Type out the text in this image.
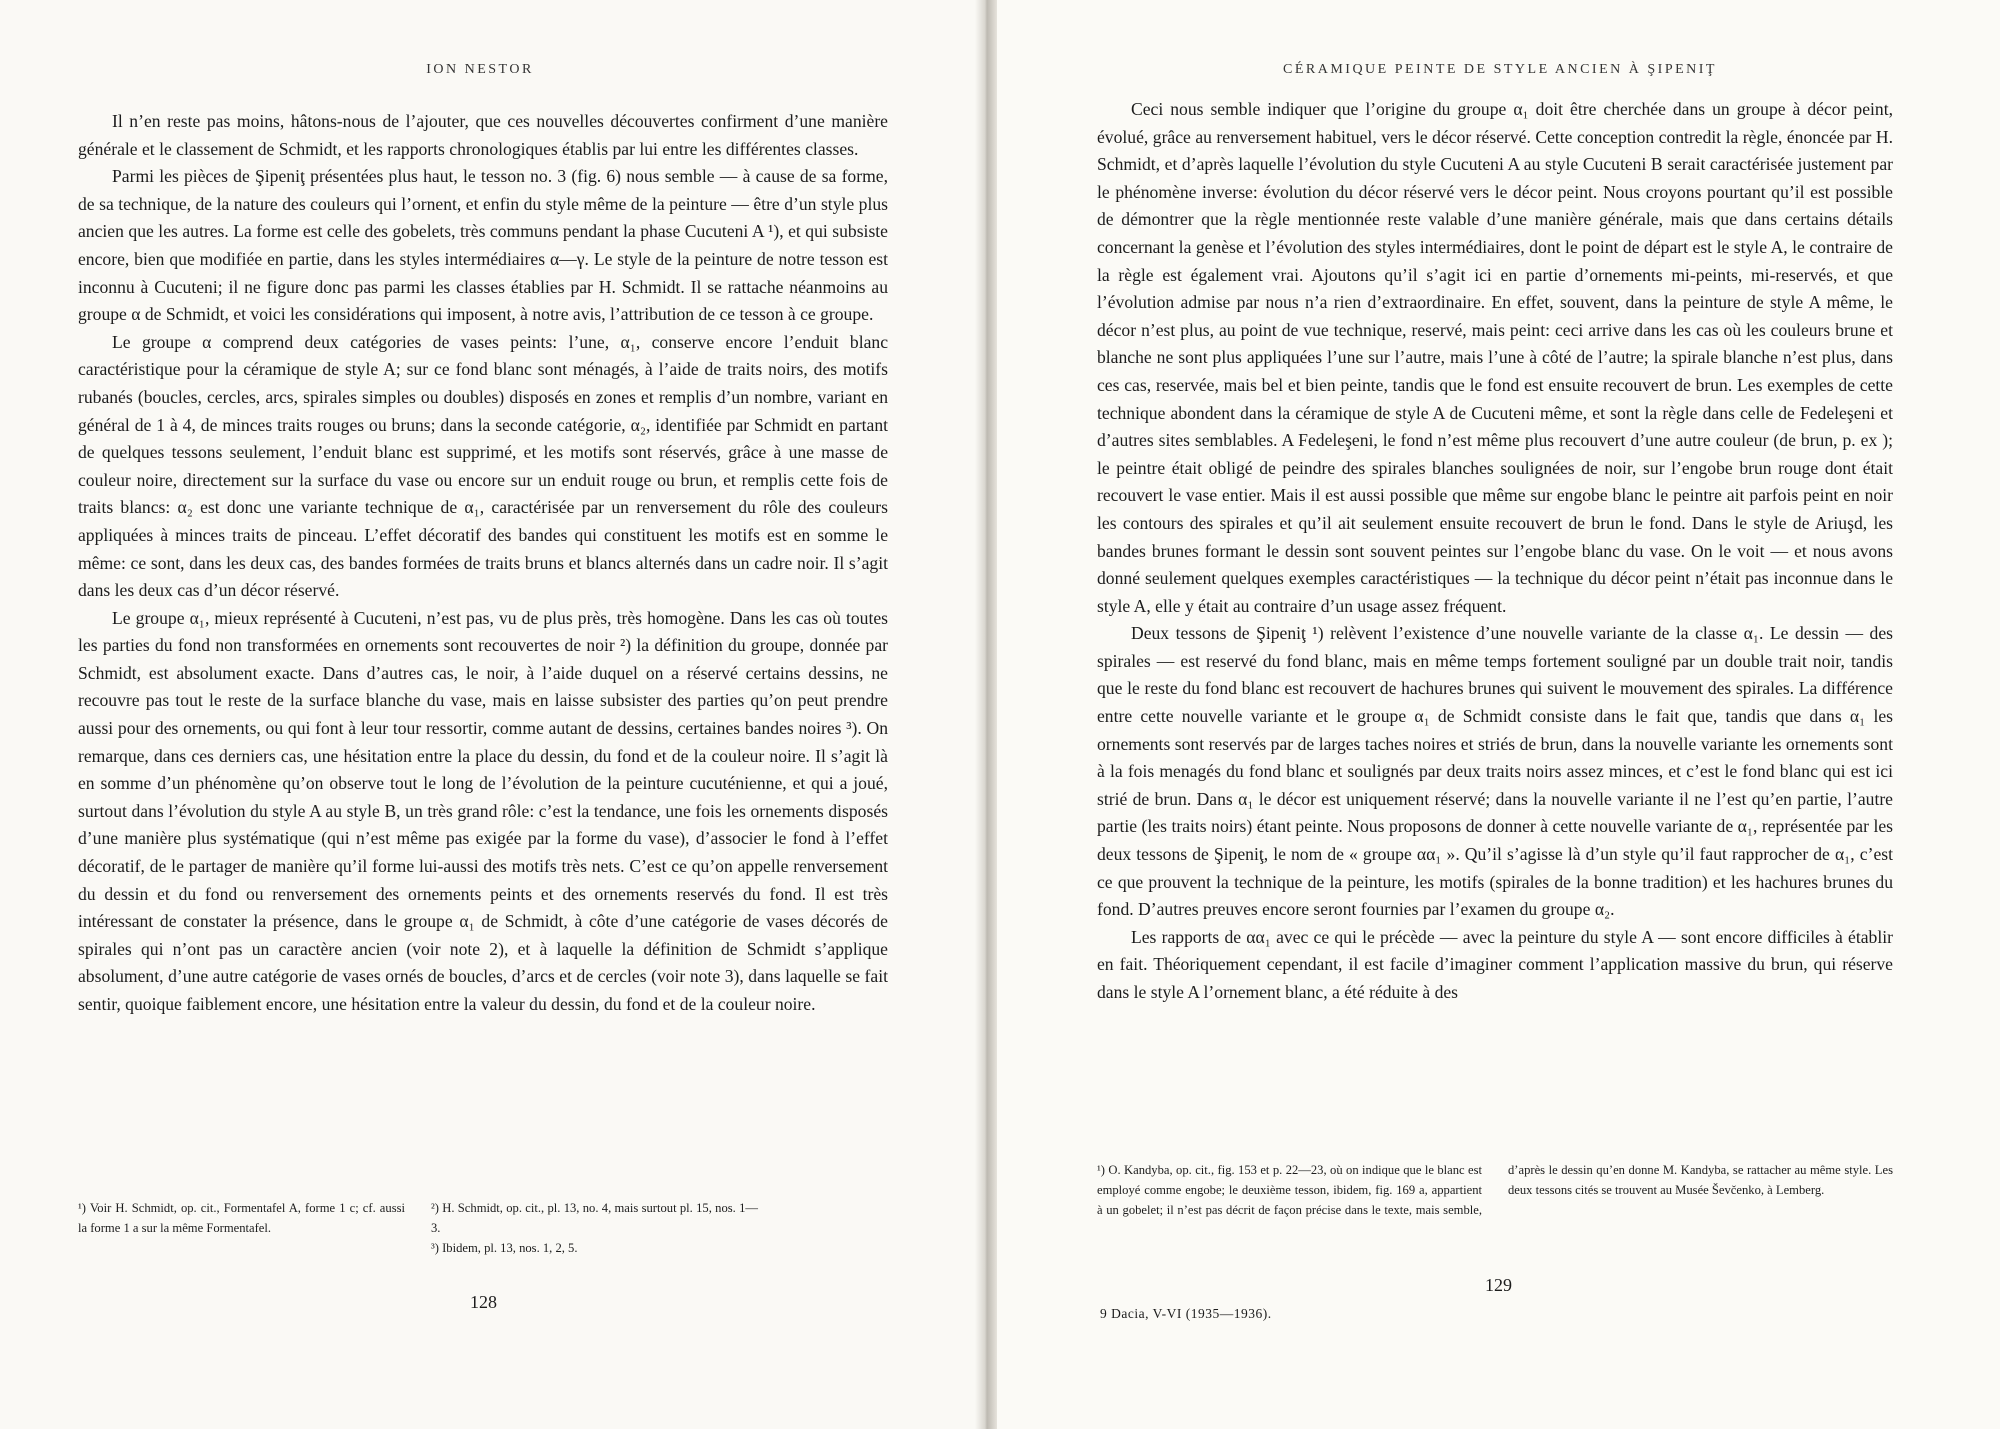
ION NESTOR

Il n’en reste pas moins, hâtons-nous de l’ajouter, que ces nouvelles découvertes confirment d’une manière générale et le classement de Schmidt, et les rapports chronologiques établis par lui entre les différentes classes.

Parmi les pièces de Şipeniţ présentées plus haut, le tesson no. 3 (fig. 6) nous semble — à cause de sa forme, de sa technique, de la nature des couleurs qui l’ornent, et enfin du style même de la peinture — être d’un style plus ancien que les autres. La forme est celle des gobelets, très communs pendant la phase Cucuteni A ¹), et qui subsiste encore, bien que modifiée en partie, dans les styles intermédiaires α—γ. Le style de la peinture de notre tesson est inconnu à Cucuteni; il ne figure donc pas parmi les classes établies par H. Schmidt. Il se rattache néanmoins au groupe α de Schmidt, et voici les considérations qui imposent, à notre avis, l’attribution de ce tesson à ce groupe.

Le groupe α comprend deux catégories de vases peints: l’une, α₁, conserve encore l’enduit blanc caractéristique pour la céramique de style A; sur ce fond blanc sont ménagés, à l’aide de traits noirs, des motifs rubanés (boucles, cercles, arcs, spirales simples ou doubles) disposés en zones et remplis d’un nombre, variant en général de 1 à 4, de minces traits rouges ou bruns; dans la seconde catégorie, α₂, identifiée par Schmidt en partant de quelques tessons seulement, l’enduit blanc est supprimé, et les motifs sont réservés, grâce à une masse de couleur noire, directement sur la surface du vase ou encore sur un enduit rouge ou brun, et remplis cette fois de traits blancs: α₂ est donc une variante technique de α₁, caractérisée par un renversement du rôle des couleurs appliquées à minces traits de pinceau. L’effet décoratif des bandes qui constituent les motifs est en somme le même: ce sont, dans les deux cas, des bandes formées de traits bruns et blancs alternés dans un cadre noir. Il s’agit dans les deux cas d’un décor réservé.

Le groupe α₁, mieux représenté à Cucuteni, n’est pas, vu de plus près, très homogène. Dans les cas où toutes les parties du fond non transformées en ornements sont recouvertes de noir ²) la définition du groupe, donnée par Schmidt, est absolument exacte. Dans d’autres cas, le noir, à l’aide duquel on a réservé certains dessins, ne recouvre pas tout le reste de la surface blanche du vase, mais en laisse subsister des parties qu’on peut prendre aussi pour des ornements, ou qui font à leur tour ressortir, comme autant de dessins, certaines bandes noires ³). On remarque, dans ces derniers cas, une hésitation entre la place du dessin, du fond et de la couleur noire. Il s’agit là en somme d’un phénomène qu’on observe tout le long de l’évolution de la peinture cucuténienne, et qui a joué, surtout dans l’évolution du style A au style B, un très grand rôle: c’est la tendance, une fois les ornements disposés d’une manière plus systématique (qui n’est même pas exigée par la forme du vase), d’associer le fond à l’effet décoratif, de le partager de manière qu’il forme lui-aussi des motifs très nets. C’est ce qu’on appelle renversement du dessin et du fond ou renversement des ornements peints et des ornements reservés du fond. Il est très intéressant de constater la présence, dans le groupe α₁ de Schmidt, à côte d’une catégorie de vases décorés de spirales qui n’ont pas un caractère ancien (voir note 2), et à laquelle la définition de Schmidt s’applique absolument, d’une autre catégorie de vases ornés de boucles, d’arcs et de cercles (voir note 3), dans laquelle se fait sentir, quoique faiblement encore, une hésitation entre la valeur du dessin, du fond et de la couleur noire.

¹) Voir H. Schmidt, op. cit., Formentafel A, forme 1 c; cf. aussi la forme 1 a sur la même Formentafel.

²) H. Schmidt, op. cit., pl. 13, no. 4, mais surtout pl. 15, nos. 1—3.

³) Ibidem, pl. 13, nos. 1, 2, 5.

128
CÉRAMIQUE PEINTE DE STYLE ANCIEN À ŞIPENIŢ

Ceci nous semble indiquer que l’origine du groupe α₁ doit être cherchée dans un groupe à décor peint, évolué, grâce au renversement habituel, vers le décor réservé. Cette conception contredit la règle, énoncée par H. Schmidt, et d’après laquelle l’évolution du style Cucuteni A au style Cucuteni B serait caractérisée justement par le phénomène inverse: évolution du décor réservé vers le décor peint. Nous croyons pourtant qu’il est possible de démontrer que la règle mentionnée reste valable d’une manière générale, mais que dans certains détails concernant la genèse et l’évolution des styles intermédiaires, dont le point de départ est le style A, le contraire de la règle est également vrai. Ajoutons qu’il s’agit ici en partie d’ornements mi-peints, mi-reservés, et que l’évolution admise par nous n’a rien d’extraordinaire. En effet, souvent, dans la peinture de style A même, le décor n’est plus, au point de vue technique, reservé, mais peint: ceci arrive dans les cas où les couleurs brune et blanche ne sont plus appliquées l’une sur l’autre, mais l’une à côté de l’autre; la spirale blanche n’est plus, dans ces cas, reservée, mais bel et bien peinte, tandis que le fond est ensuite recouvert de brun. Les exemples de cette technique abondent dans la céramique de style A de Cucuteni même, et sont la règle dans celle de Fedeleşeni et d’autres sites semblables. A Fedeleşeni, le fond n’est même plus recouvert d’une autre couleur (de brun, p. ex ); le peintre était obligé de peindre des spirales blanches soulignées de noir, sur l’engobe brun rouge dont était recouvert le vase entier. Mais il est aussi possible que même sur engobe blanc le peintre ait parfois peint en noir les contours des spirales et qu’il ait seulement ensuite recouvert de brun le fond. Dans le style de Ariuşd, les bandes brunes formant le dessin sont souvent peintes sur l’engobe blanc du vase. On le voit — et nous avons donné seulement quelques exemples caractéristiques — la technique du décor peint n’était pas inconnue dans le style A, elle y était au contraire d’un usage assez fréquent.

Deux tessons de Şipeniţ ¹) relèvent l’existence d’une nouvelle variante de la classe α₁. Le dessin — des spirales — est reservé du fond blanc, mais en même temps fortement souligné par un double trait noir, tandis que le reste du fond blanc est recouvert de hachures brunes qui suivent le mouvement des spirales. La différence entre cette nouvelle variante et le groupe α₁ de Schmidt consiste dans le fait que, tandis que dans α₁ les ornements sont reservés par de larges taches noires et striés de brun, dans la nouvelle variante les ornements sont à la fois menagés du fond blanc et soulignés par deux traits noirs assez minces, et c’est le fond blanc qui est ici strié de brun. Dans α₁ le décor est uniquement réservé; dans la nouvelle variante il ne l’est qu’en partie, l’autre partie (les traits noirs) étant peinte. Nous proposons de donner à cette nouvelle variante de α₁, représentée par les deux tessons de Şipeniţ, le nom de « groupe αα₁ ». Qu’il s’agisse là d’un style qu’il faut rapprocher de α₁, c’est ce que prouvent la technique de la peinture, les motifs (spirales de la bonne tradition) et les hachures brunes du fond. D’autres preuves encore seront fournies par l’examen du groupe α₂.

Les rapports de αα₁ avec ce qui le précède — avec la peinture du style A — sont encore difficiles à établir en fait. Théoriquement cependant, il est facile d’imaginer comment l’application massive du brun, qui réserve dans le style A l’ornement blanc, a été réduite à des

¹) O. Kandyba, op. cit., fig. 153 et p. 22—23, où on indique que le blanc est employé comme engobe; le deuxième tesson, ibidem, fig. 169 a, appartient à un gobelet; il n’est pas décrit de façon précise dans le texte, mais semble, d’après le dessin qu’en donne M. Kandyba, se rattacher au même style. Les deux tessons cités se trouvent au Musée Ševčenko, à Lemberg.

129
9 Dacia, V-VI (1935—1936).
